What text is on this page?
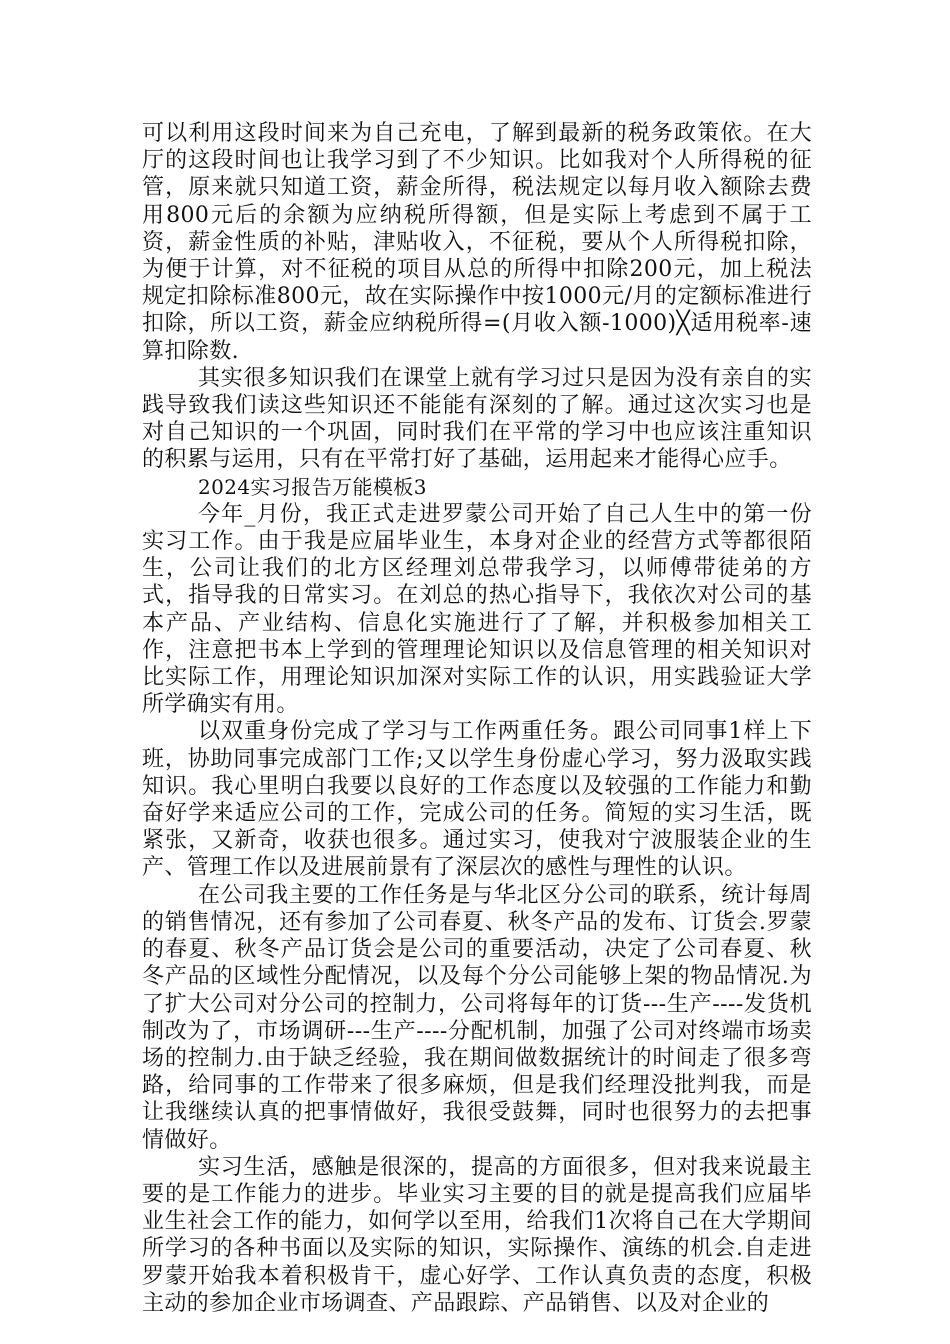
可以利用这段时间来为自己充电，了解到最新的税务政策依。在大厅的这段时间也让我学习到了不少知识。比如我对个人所得税的征管，原来就只知道工资，薪金所得，税法规定以每月收入额除去费用800元后的余额为应纳税所得额，但是实际上考虑到不属于工资，薪金性质的补贴，津贴收入，不征税，要从个人所得税扣除，为便于计算，对不征税的项目从总的所得中扣除200元，加上税法规定扣除标准800元，故在实际操作中按1000元/月的定额标准进行扣除，所以工资，薪金应纳税所得=(月收入额-1000)╳适用税率-速算扣除数.

其实很多知识我们在课堂上就有学习过只是因为没有亲自的实践导致我们读这些知识还不能能有深刻的了解。通过这次实习也是对自己知识的一个巩固，同时我们在平常的学习中也应该注重知识的积累与运用，只有在平常打好了基础，运用起来才能得心应手。

2024实习报告万能模板3

今年_月份，我正式走进罗蒙公司开始了自己人生中的第一份实习工作。由于我是应届毕业生，本身对企业的经营方式等都很陌生，公司让我们的北方区经理刘总带我学习，以师傅带徒弟的方式，指导我的日常实习。在刘总的热心指导下，我依次对公司的基本产品、产业结构、信息化实施进行了了解，并积极参加相关工作，注意把书本上学到的管理理论知识以及信息管理的相关知识对比实际工作，用理论知识加深对实际工作的认识，用实践验证大学所学确实有用。

以双重身份完成了学习与工作两重任务。跟公司同事1样上下班，协助同事完成部门工作;又以学生身份虚心学习，努力汲取实践知识。我心里明白我要以良好的工作态度以及较强的工作能力和勤奋好学来适应公司的工作，完成公司的任务。简短的实习生活，既紧张，又新奇，收获也很多。通过实习，使我对宁波服装企业的生产、管理工作以及进展前景有了深层次的感性与理性的认识。

在公司我主要的工作任务是与华北区分公司的联系，统计每周的销售情况，还有参加了公司春夏、秋冬产品的发布、订货会.罗蒙的春夏、秋冬产品订货会是公司的重要活动，决定了公司春夏、秋冬产品的区域性分配情况，以及每个分公司能够上架的物品情况.为了扩大公司对分公司的控制力，公司将每年的订货---生产----发货机制改为了，市场调研---生产----分配机制，加强了公司对终端市场卖场的控制力.由于缺乏经验，我在期间做数据统计的时间走了很多弯路，给同事的工作带来了很多麻烦，但是我们经理没批判我，而是让我继续认真的把事情做好，我很受鼓舞，同时也很努力的去把事情做好。

实习生活，感触是很深的，提高的方面很多，但对我来说最主要的是工作能力的进步。毕业实习主要的目的就是提高我们应届毕业生社会工作的能力，如何学以至用，给我们1次将自己在大学期间所学习的各种书面以及实际的知识，实际操作、演练的机会.自走进罗蒙开始我本着积极肯干，虚心好学、工作认真负责的态度，积极主动的参加企业市场调查、产品跟踪、产品销售、以及对企业的
